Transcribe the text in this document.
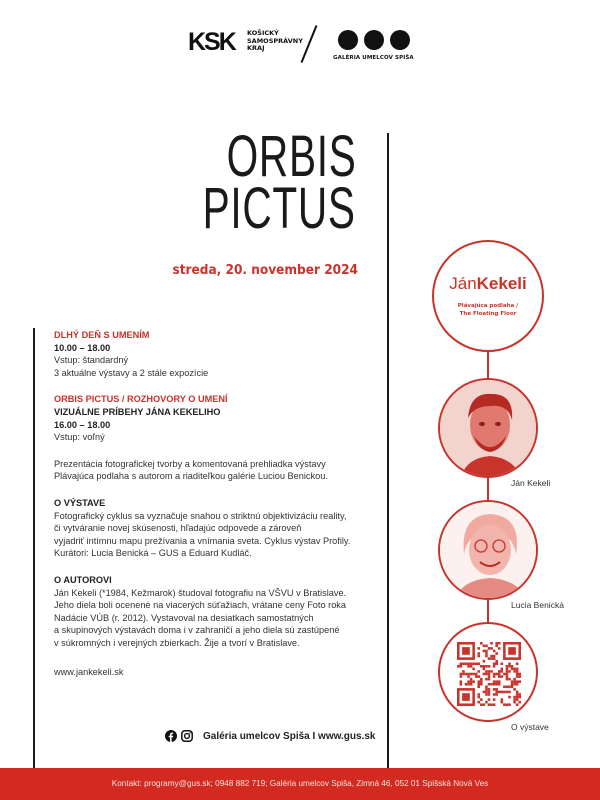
KSK KOŠICKÝ
SAMOSPRÁVNY
KRAJ
GALÉRIA UMELCOV SPIŠA
ORBIS
PICTUS
streda, 20. november 2024
DLHÝ DEŇ S UMENÍM
10.00 – 18.00
Vstup: štandardný
3 aktuálne výstavy a 2 stále expozície
ORBIS PICTUS / ROZHOVORY O UMENÍ
VIZUÁLNE PRÍBEHY JÁNA KEKELIHO
16.00 – 18.00
Vstup: voľný
Prezentácia fotografickej tvorby a komentovaná prehliadka výstavy
Plávajúca podlaha s autorom a riaditeľkou galérie Luciou Benickou.
O VÝSTAVE
Fotografický cyklus sa vyznačuje snahou o striktnú objektivizáciu reality,
či vytváranie novej skúsenosti, hľadajúc odpovede a zároveň
vyjadriť intímnu mapu prežívania a vnímania sveta. Cyklus výstav Profily.
Kurátori: Lucia Benická – GUS a Eduard Kudláč.
O AUTOROVI
Ján Kekeli (*1984, Kežmarok) študoval fotografiu na VŠVU v Bratislave.
Jeho diela boli ocenené na viacerých súťažiach, vrátane ceny Foto roka
Nadácie VÚB (r. 2012). Vystavoval na desiatkach samostatných
a skupinových výstavách doma i v zahraničí a jeho diela sú zastúpené
v súkromných i verejných zbierkach. Žije a tvorí v Bratislave.
www.jankekeli.sk
JánKekeli
Plávajúca podlaha /
The Floating Floor
Ján Kekeli
Lucia Benická
O výstave
Galéria umelcov Spiša I www.gus.sk
Kontakt: programy@gus.sk; 0948 882 719; Galéria umelcov Spiša, Zimná 46, 052 01 Spišská Nová Ves
